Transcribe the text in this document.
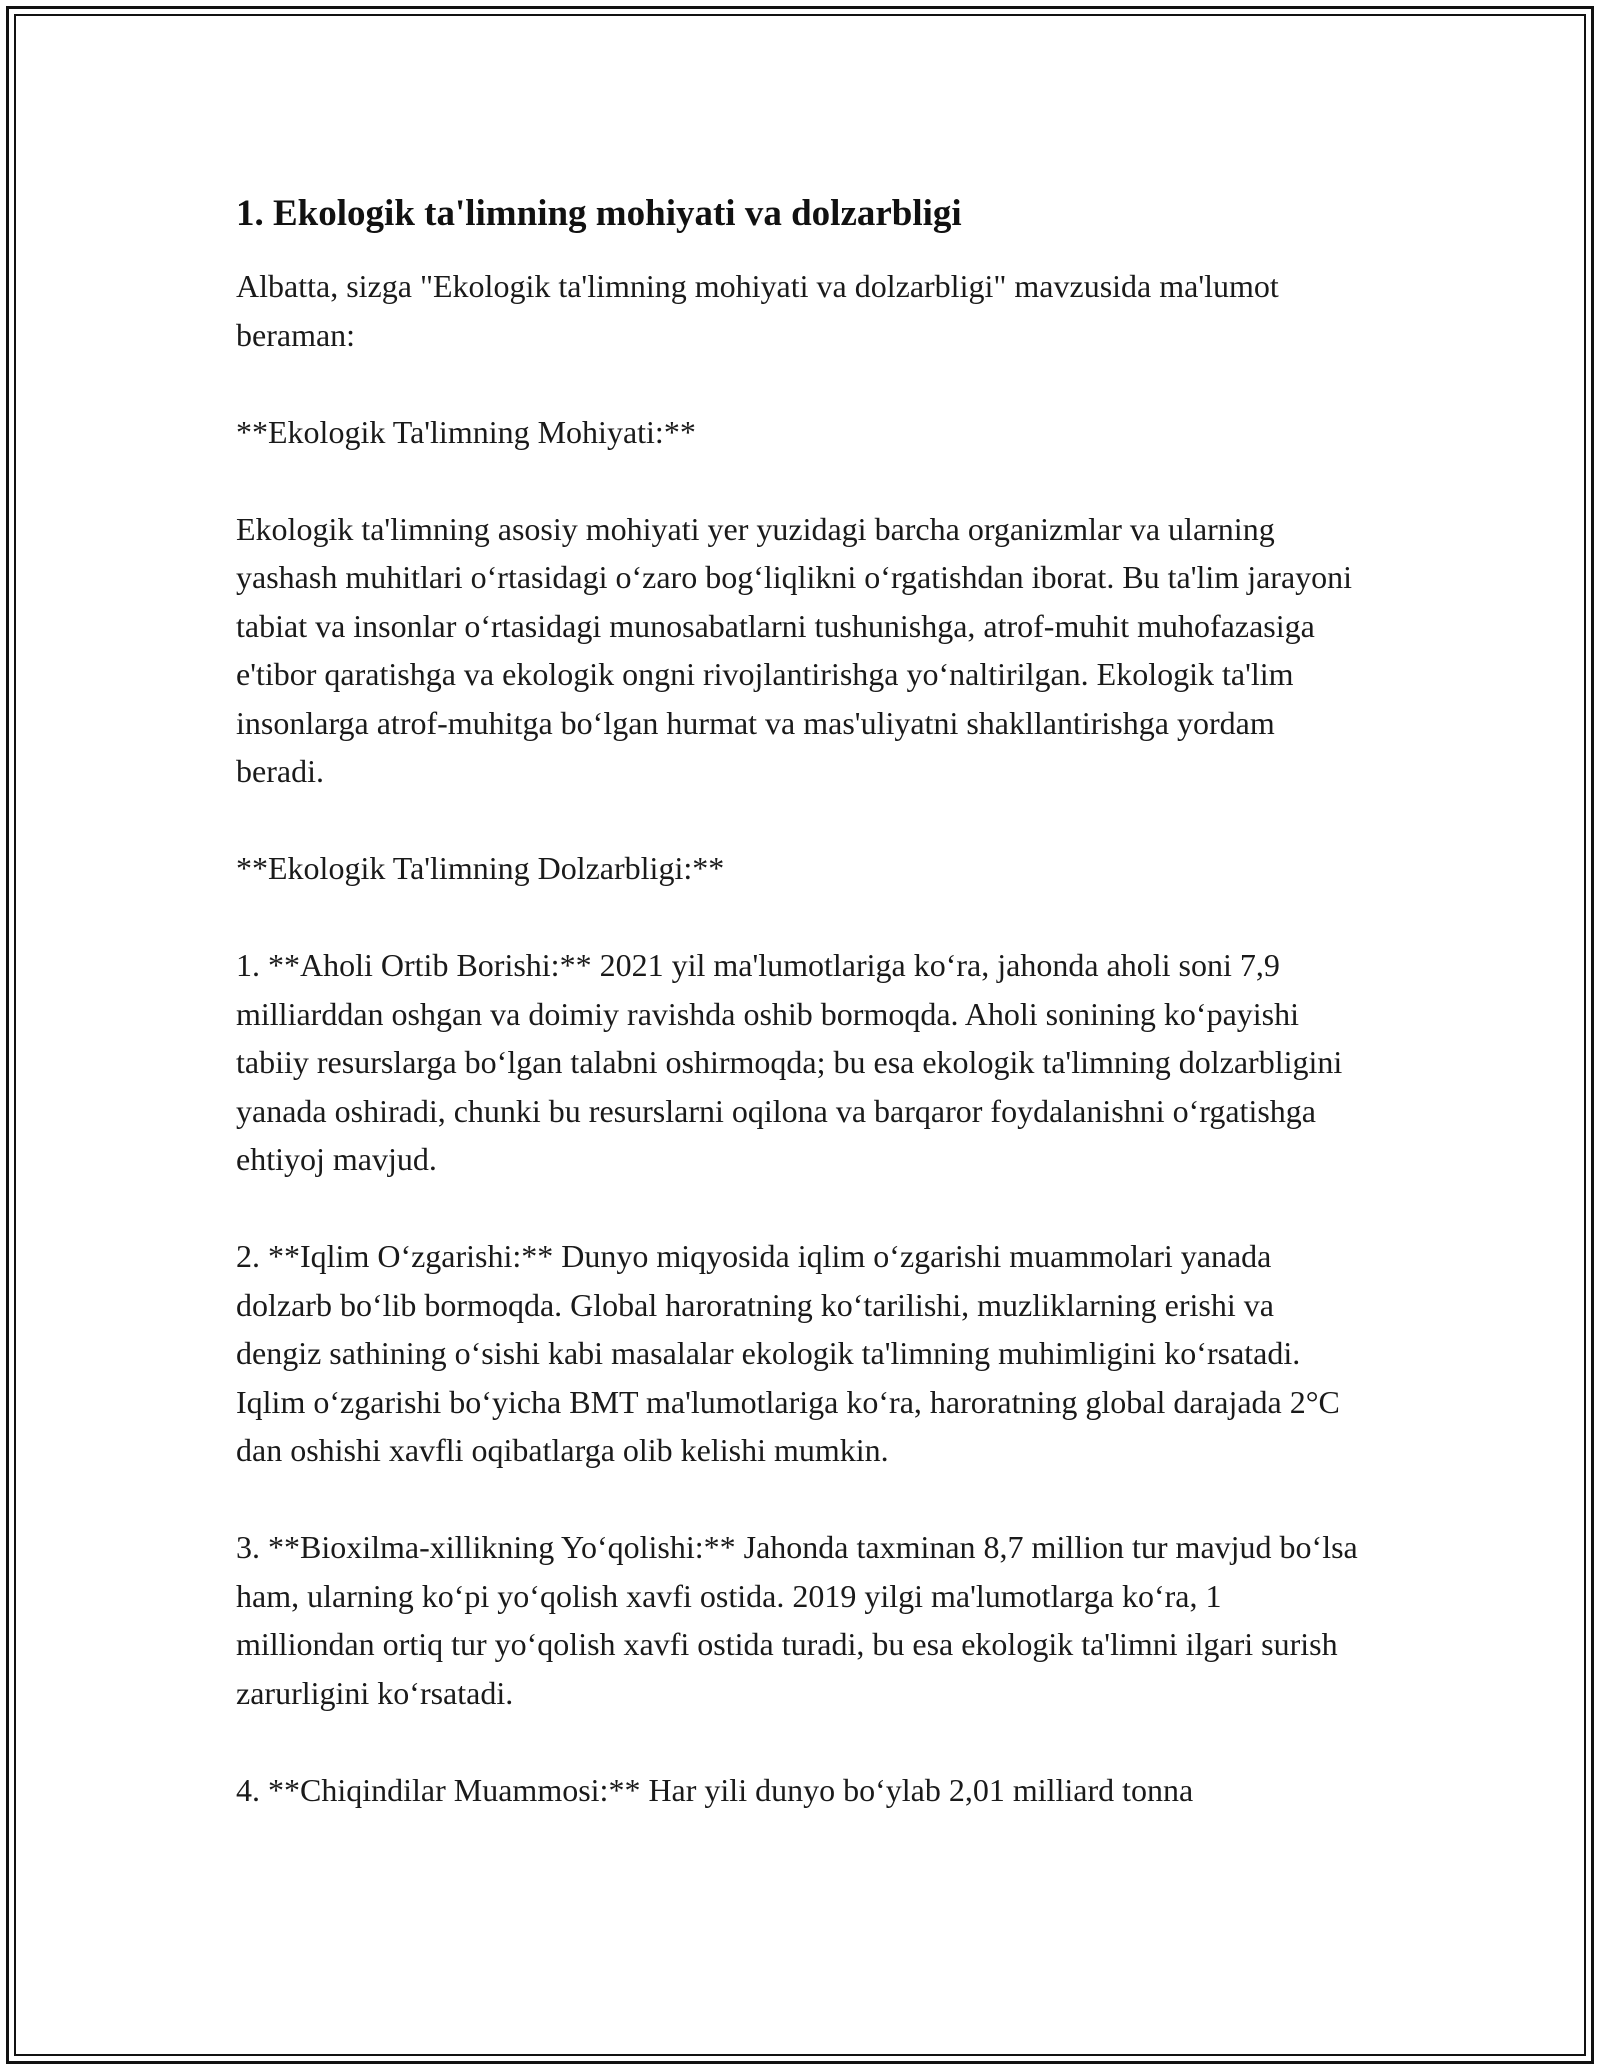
1. Ekologik ta'limning mohiyati va dolzarbligi

Albatta, sizga "Ekologik ta'limning mohiyati va dolzarbligi" mavzusida ma'lumot beraman:

**Ekologik Ta'limning Mohiyati:**

Ekologik ta'limning asosiy mohiyati yer yuzidagi barcha organizmlar va ularning yashash muhitlari o‘rtasidagi o‘zaro bog‘liqlikni o‘rgatishdan iborat. Bu ta'lim jarayoni tabiat va insonlar o‘rtasidagi munosabatlarni tushunishga, atrof-muhit muhofazasiga e'tibor qaratishga va ekologik ongni rivojlantirishga yo‘naltirilgan. Ekologik ta'lim insonlarga atrof-muhitga bo‘lgan hurmat va mas'uliyatni shakllantirishga yordam beradi.

**Ekologik Ta'limning Dolzarbligi:**

1. **Aholi Ortib Borishi:** 2021 yil ma'lumotlariga ko‘ra, jahonda aholi soni 7,9 milliarddan oshgan va doimiy ravishda oshib bormoqda. Aholi sonining ko‘payishi tabiiy resurslarga bo‘lgan talabni oshirmoqda; bu esa ekologik ta'limning dolzarbligini yanada oshiradi, chunki bu resurslarni oqilona va barqaror foydalanishni o‘rgatishga ehtiyoj mavjud.

2. **Iqlim O‘zgarishi:** Dunyo miqyosida iqlim o‘zgarishi muammolari yanada dolzarb bo‘lib bormoqda. Global haroratning ko‘tarilishi, muzliklarning erishi va dengiz sathining o‘sishi kabi masalalar ekologik ta'limning muhimligini ko‘rsatadi. Iqlim o‘zgarishi bo‘yicha BMT ma'lumotlariga ko‘ra, haroratning global darajada 2°C dan oshishi xavfli oqibatlarga olib kelishi mumkin.

3. **Bioxilma-xillikning Yo‘qolishi:** Jahonda taxminan 8,7 million tur mavjud bo‘lsa ham, ularning ko‘pi yo‘qolish xavfi ostida. 2019 yilgi ma'lumotlarga ko‘ra, 1 milliondan ortiq tur yo‘qolish xavfi ostida turadi, bu esa ekologik ta'limni ilgari surish zarurligini ko‘rsatadi.

4. **Chiqindilar Muammosi:** Har yili dunyo bo‘ylab 2,01 milliard tonna
